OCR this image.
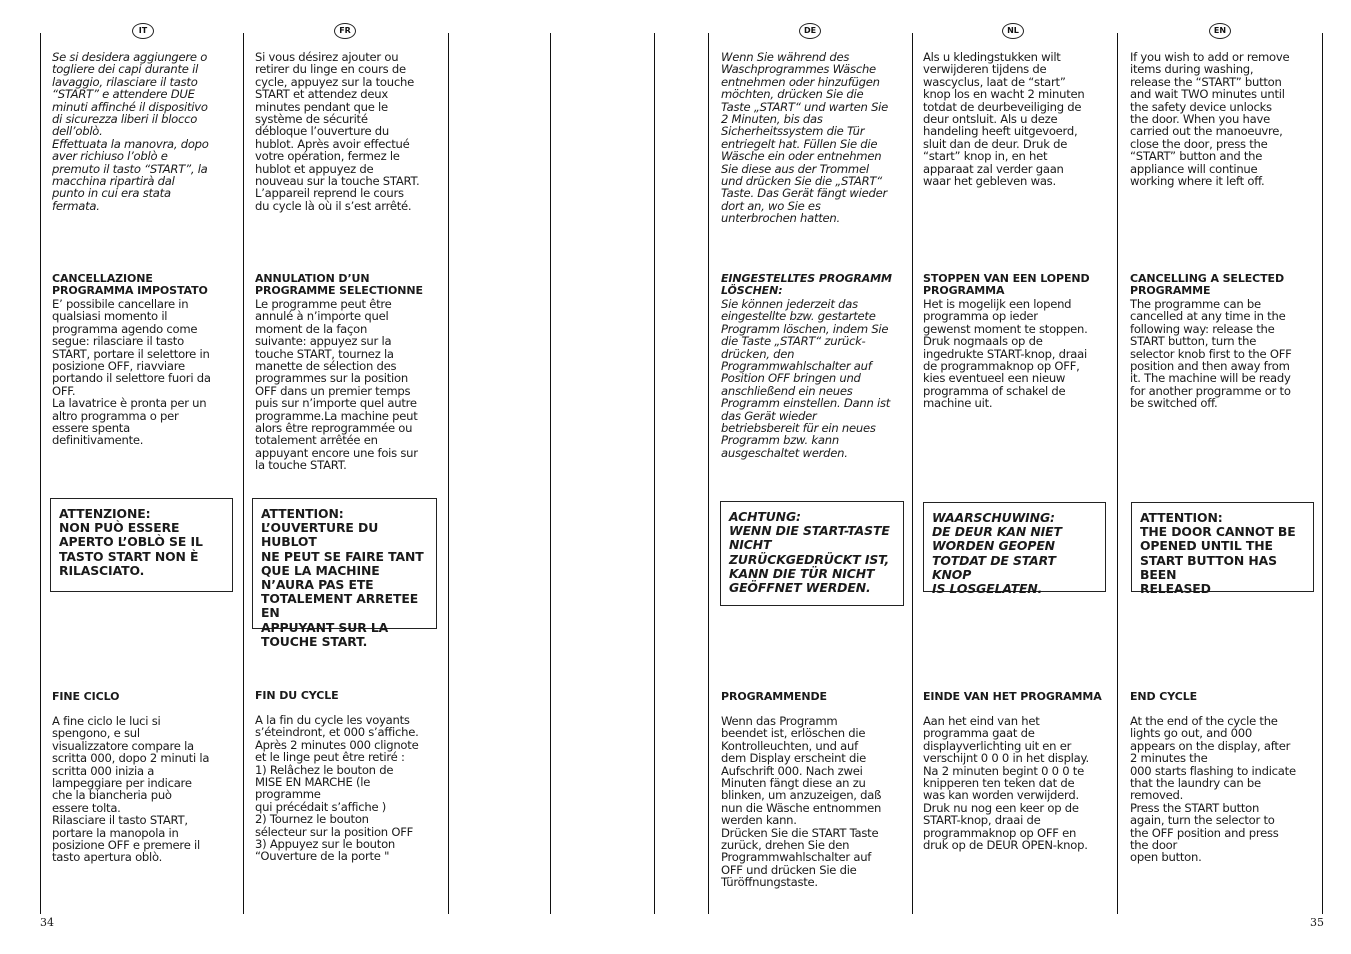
IT	FR	DE	NL	EN

Se si desidera aggiungere o
togliere dei capi durante il
lavaggio, rilasciare il tasto
“START” e attendere DUE
minuti affinché il dispositivo
di sicurezza liberi il blocco
dell’oblò.
Effettuata la manovra, dopo
aver richiuso l’oblò e
premuto il tasto “START”, la
macchina ripartirà dal
punto in cui era stata
fermata.

CANCELLAZIONE
PROGRAMMA IMPOSTATO

E’ possibile cancellare in
qualsiasi momento il
programma agendo come
segue: rilasciare il tasto
START, portare il selettore in
posizione OFF, riavviare
portando il selettore fuori da
OFF.
La lavatrice è pronta per un
altro programma o per
essere spenta
definitivamente.

FINE CICLO

A fine ciclo le luci si
spengono, e sul
visualizzatore compare la
scritta 000, dopo 2 minuti la
scritta 000 inizia a
lampeggiare per indicare
che la biancheria può
essere tolta.
Rilasciare il tasto START,
portare la manopola in
posizione OFF e premere il
tasto apertura oblò.

ATTENZIONE:
NON PUÒ ESSERE
APERTO L’OBLÒ SE IL
TASTO START NON È
RILASCIATO.

Si vous désirez ajouter ou
retirer du linge en cours de
cycle, appuyez sur la touche
START et attendez deux
minutes pendant que le
système de sécurité
débloque l’ouverture du
hublot. Après avoir effectué
votre opération, fermez le
hublot et appuyez de
nouveau sur la touche START.
L’appareil reprend le cours
du cycle là où il s’est arrêté.

ANNULATION D’UN
PROGRAMME SELECTIONNE

Le programme peut être
annulé à n’importe quel
moment de la façon
suivante: appuyez sur la
touche START, tournez la
manette de sélection des
programmes sur la position
OFF dans un premier temps
puis sur n’importe quel autre
programme.La machine peut
alors être reprogrammée ou
totalement arrêtée en
appuyant encore une fois sur
la touche START.

FIN DU CYCLE

A la fin du cycle les voyants
s’éteindront, et 000 s’affiche.
Après 2 minutes 000 clignote
et le linge peut être retiré :
1) Relâchez le bouton de
MISE EN MARCHE (le
programme
qui précédait s’affiche )
2) Tournez le bouton
sélecteur sur la position OFF
3) Appuyez sur le bouton
“Ouverture de la porte "

ATTENTION:
L’OUVERTURE DU HUBLOT
NE PEUT SE FAIRE TANT
QUE LA MACHINE
N’AURA PAS ETE
TOTALEMENT ARRETEE EN
APPUYANT SUR LA
TOUCHE START.

Wenn Sie während des
Waschprogrammes Wäsche
entnehmen oder hinzufügen
möchten, drücken Sie die
Taste „START“ und warten Sie
2 Minuten, bis das
Sicherheitssystem die Tür
entriegelt hat. Füllen Sie die
Wäsche ein oder entnehmen
Sie diese aus der Trommel
und drücken Sie die „START“
Taste. Das Gerät fängt wieder
dort an, wo Sie es
unterbrochen hatten.

EINGESTELLTES PROGRAMM
LÖSCHEN:

Sie können jederzeit das
eingestellte bzw. gestartete
Programm löschen, indem Sie
die Taste „START“ zurück-
drücken, den
Programmwahlschalter auf
Position OFF bringen und
anschließend ein neues
Programm einstellen. Dann ist
das Gerät wieder
betriebsbereit für ein neues
Programm bzw. kann
ausgeschaltet werden.

PROGRAMMENDE

Wenn das Programm
beendet ist, erlöschen die
Kontrolleuchten, und auf
dem Display erscheint die
Aufschrift 000. Nach zwei
Minuten fängt diese an zu
blinken, um anzuzeigen, daß
nun die Wäsche entnommen
werden kann.
Drücken Sie die START Taste
zurück, drehen Sie den
Programmwahlschalter auf
OFF und drücken Sie die
Türöffnungstaste.

ACHTUNG:
WENN DIE START-TASTE
NICHT
ZURÜCKGEDRÜCKT IST,
KANN DIE TÜR NICHT
GEÖFFNET WERDEN.

Als u kledingstukken wilt
verwijderen tijdens de
wascyclus, laat de “start”
knop los en wacht 2 minuten
totdat de deurbeveiliging de
deur ontsluit. Als u deze
handeling heeft uitgevoerd,
sluit dan de deur. Druk de
“start” knop in, en het
apparaat zal verder gaan
waar het gebleven was.

STOPPEN VAN EEN LOPEND
PROGRAMMA

Het is mogelijk een lopend
programma op ieder
gewenst moment te stoppen.
Druk nogmaals op de
ingedrukte START-knop, draai
de programmaknop op OFF,
kies eventueel een nieuw
programma of schakel de
machine uit.

EINDE VAN HET PROGRAMMA

Aan het eind van het
programma gaat de
displayverlichting uit en er
verschijnt 0 0 0 in het display.
Na 2 minuten begint 0 0 0 te
knipperen ten teken dat de
was kan worden verwijderd.
Druk nu nog een keer op de
START-knop, draai de
programmaknop op OFF en
druk op de DEUR OPEN-knop.

WAARSCHUWING:
DE DEUR KAN NIET
WORDEN GEOPEN
TOTDAT DE START KNOP
IS LOSGELATEN.

If you wish to add or remove
items during washing,
release the “START” button
and wait TWO minutes until
the safety device unlocks
the door. When you have
carried out the manoeuvre,
close the door, press the
“START” button and the
appliance will continue
working where it left off.

CANCELLING A SELECTED
PROGRAMME

The programme can be
cancelled at any time in the
following way: release the
START button, turn the
selector knob first to the OFF
position and then away from
it. The machine will be ready
for another programme or to
be switched off.

END CYCLE

At the end of the cycle the
lights go out, and 000
appears on the display, after
2 minutes the
000 starts flashing to indicate
that the laundry can be
removed.
Press the START button
again, turn the selector to
the OFF position and press
the door
open button.

ATTENTION:
THE DOOR CANNOT BE
OPENED UNTIL THE
START BUTTON HAS BEEN
RELEASED
34	35
